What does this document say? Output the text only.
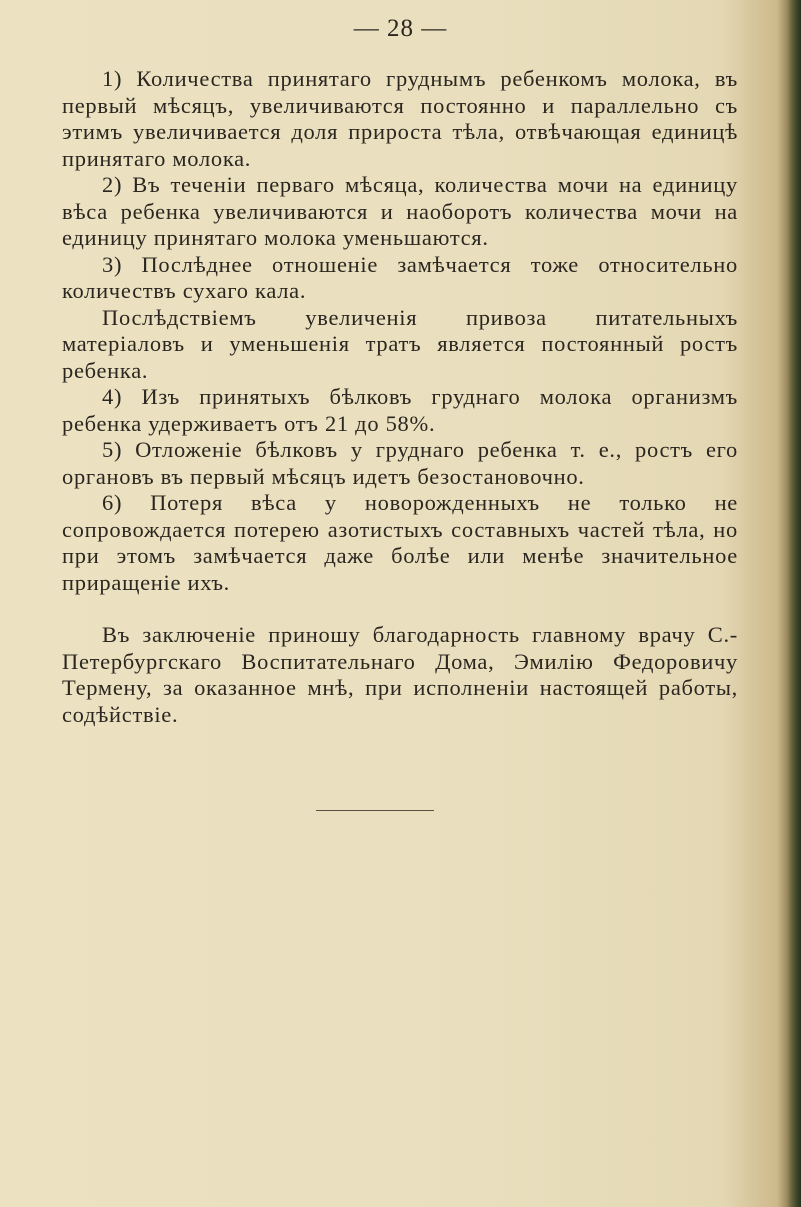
— 28 —

1) Количества принятаго груднымъ ребенкомъ молока, въ первый мѣсяцъ, увеличиваются постоянно и параллельно съ этимъ увеличивается доля прироста тѣла, отвѣчающая единицѣ принятаго молока.

2) Въ теченіи перваго мѣсяца, количества мочи на единицу вѣса ребенка увеличиваются и наоборотъ количества мочи на единицу принятаго молока уменьшаются.

3) Послѣднее отношеніе замѣчается тоже относительно количествъ сухаго кала.

Послѣдствіемъ увеличенія привоза питательныхъ матеріаловъ и уменьшенія тратъ является постоянный ростъ ребенка.

4) Изъ принятыхъ бѣлковъ груднаго молока организмъ ребенка удерживаетъ отъ 21 до 58%.

5) Отложеніе бѣлковъ у груднаго ребенка т. е., ростъ его органовъ въ первый мѣсяцъ идетъ безостановочно.

6) Потеря вѣса у новорожденныхъ не только не сопровождается потерею азотистыхъ составныхъ частей тѣла, но при этомъ замѣчается даже болѣе или менѣе значительное приращеніе ихъ.

Въ заключеніе приношу благодарность главному врачу С.-Петербургскаго Воспитательнаго Дома, Эмилію Федоровичу Термену, за оказанное мнѣ, при исполненіи настоящей работы, содѣйствіе.
